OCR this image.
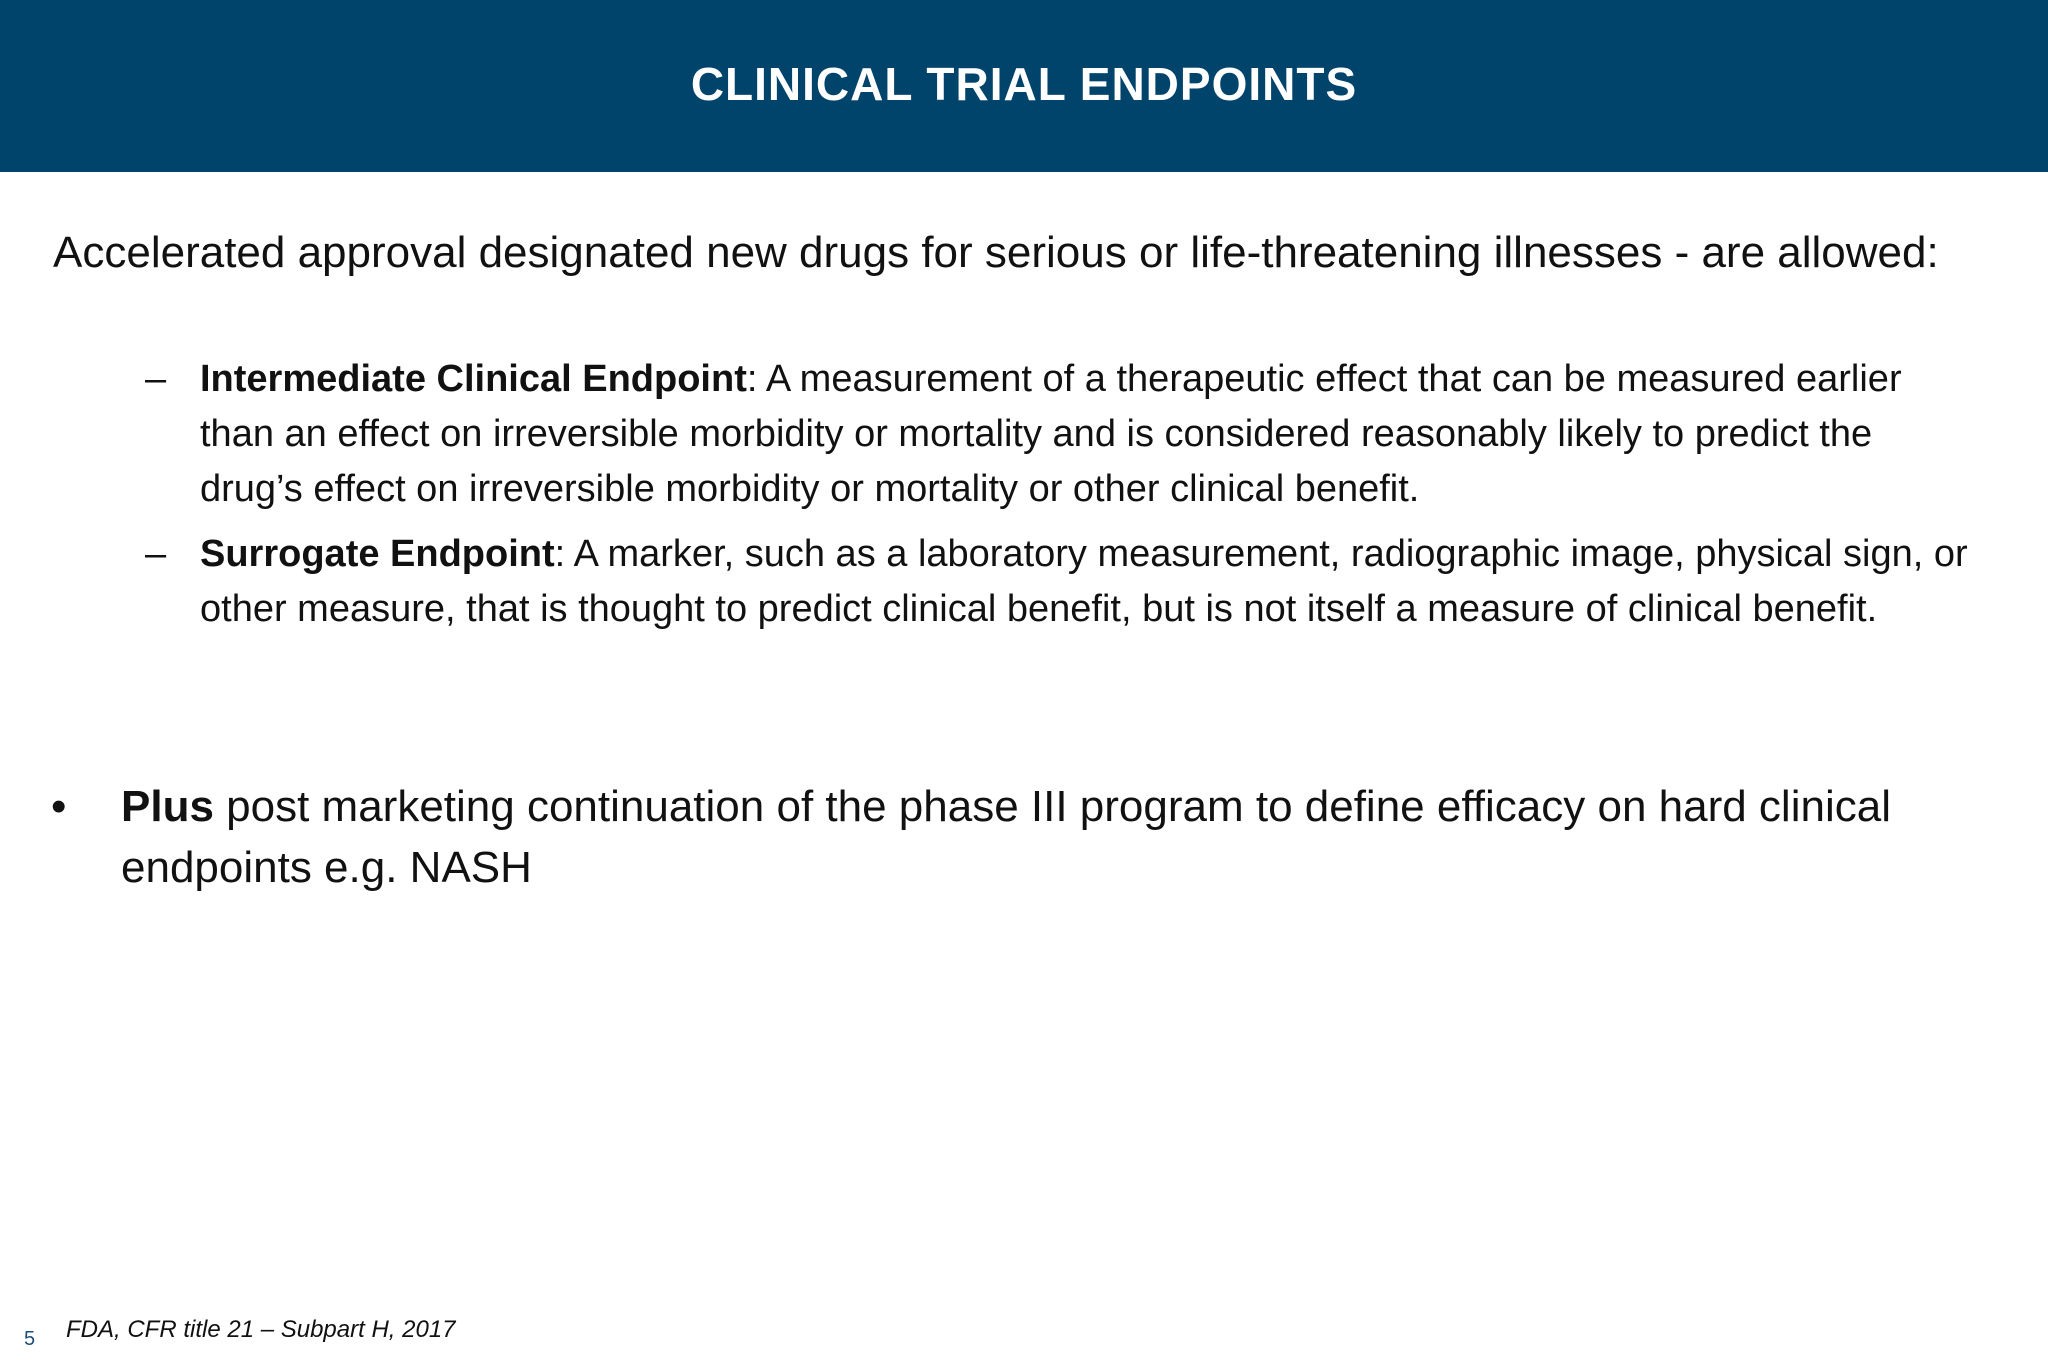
CLINICAL TRIAL ENDPOINTS
Accelerated approval designated new drugs for serious or life-threatening illnesses - are allowed:
– Intermediate Clinical Endpoint: A measurement of a therapeutic effect that can be measured earlier than an effect on irreversible morbidity or mortality and is considered reasonably likely to predict the drug’s effect on irreversible morbidity or mortality or other clinical benefit.
– Surrogate Endpoint: A marker, such as a laboratory measurement, radiographic image, physical sign, or other measure, that is thought to predict clinical benefit, but is not itself a measure of clinical benefit.
• Plus post marketing continuation of the phase III program to define efficacy on hard clinical endpoints e.g. NASH
5 FDA, CFR title 21 – Subpart H, 2017
